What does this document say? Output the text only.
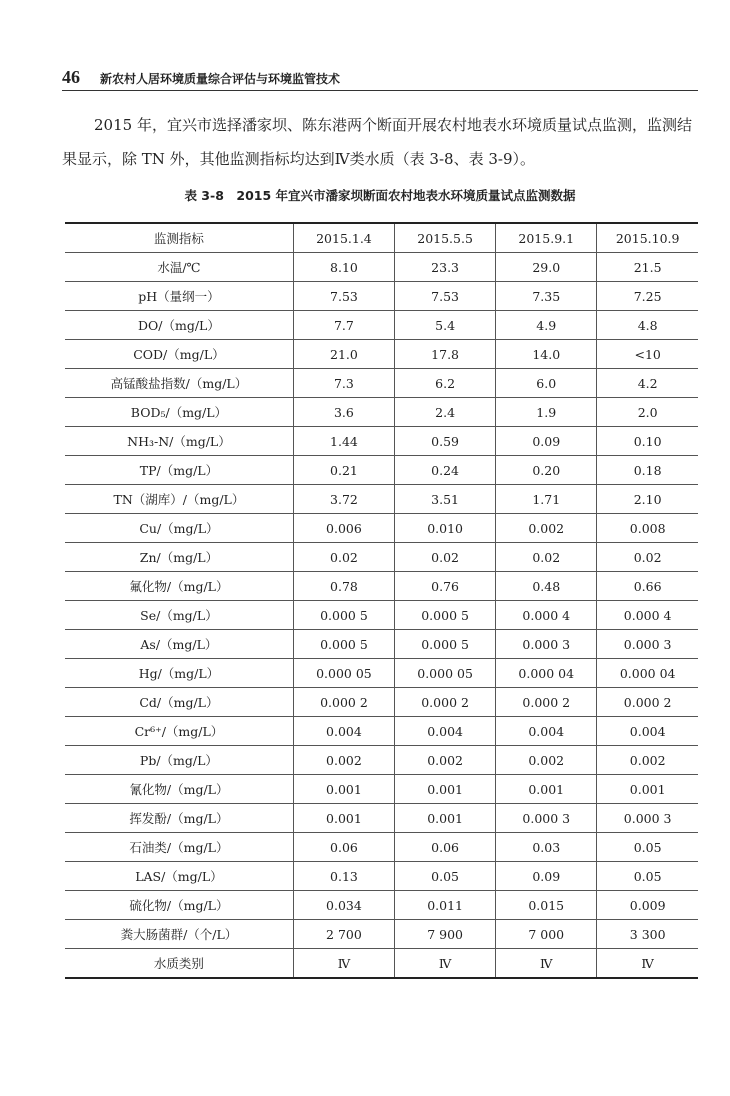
46 新农村人居环境质量综合评估与环境监管技术
2015 年，宜兴市选择潘家坝、陈东港两个断面开展农村地表水环境质量试点监测，监测结果显示，除 TN 外，其他监测指标均达到Ⅳ类水质（表 3-8、表 3-9）。
表 3-8　2015 年宜兴市潘家坝断面农村地表水环境质量试点监测数据
监测指标	2015.1.4	2015.5.5	2015.9.1	2015.10.9
水温/℃	8.10	23.3	29.0	21.5
pH（量纲一）	7.53	7.53	7.35	7.25
DO/（mg/L）	7.7	5.4	4.9	4.8
COD/（mg/L）	21.0	17.8	14.0	<10
高锰酸盐指数/（mg/L）	7.3	6.2	6.0	4.2
BOD₅/（mg/L）	3.6	2.4	1.9	2.0
NH₃-N/（mg/L）	1.44	0.59	0.09	0.10
TP/（mg/L）	0.21	0.24	0.20	0.18
TN（湖库）/（mg/L）	3.72	3.51	1.71	2.10
Cu/（mg/L）	0.006	0.010	0.002	0.008
Zn/（mg/L）	0.02	0.02	0.02	0.02
氟化物/（mg/L）	0.78	0.76	0.48	0.66
Se/（mg/L）	0.000 5	0.000 5	0.000 4	0.000 4
As/（mg/L）	0.000 5	0.000 5	0.000 3	0.000 3
Hg/（mg/L）	0.000 05	0.000 05	0.000 04	0.000 04
Cd/（mg/L）	0.000 2	0.000 2	0.000 2	0.000 2
Cr⁶⁺/（mg/L）	0.004	0.004	0.004	0.004
Pb/（mg/L）	0.002	0.002	0.002	0.002
氰化物/（mg/L）	0.001	0.001	0.001	0.001
挥发酚/（mg/L）	0.001	0.001	0.000 3	0.000 3
石油类/（mg/L）	0.06	0.06	0.03	0.05
LAS/（mg/L）	0.13	0.05	0.09	0.05
硫化物/（mg/L）	0.034	0.011	0.015	0.009
粪大肠菌群/（个/L）	2 700	7 900	7 000	3 300
水质类别	Ⅳ	Ⅳ	Ⅳ	Ⅳ
